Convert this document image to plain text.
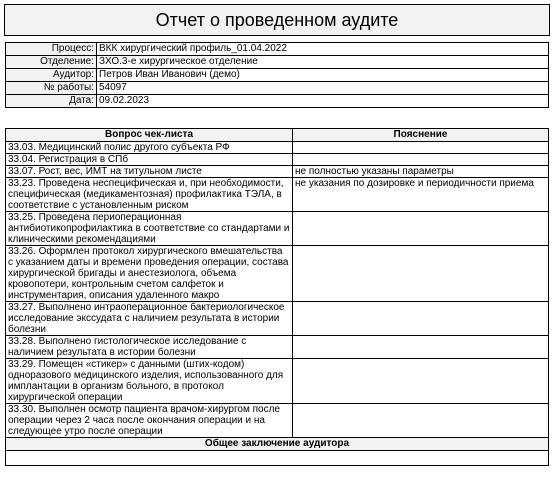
Отчет о проведенном аудите
Процесс:	ВКК хирургический профиль_01.04.2022
Отделение:	ЗХО.3-е хирургическое отделение
Аудитор:	Петров Иван Иванович (демо)
№ работы:	54097
Дата:	09.02.2023
Вопрос чек-листа	Пояснение
33.03. Медицинский полис другого субъекта РФ	
33.04. Регистрация в СПб	
33.07. Рост, вес, ИМТ на титульном листе	не полностью указаны параметры
33.23. Проведена неспецифическая и, при необходимости, специфическая (медикаментозная) профилактика ТЭЛА, в соответствие с установленным риском	не указания по дозировке и периодичности приема
33.25. Проведена периоперационная антибиотикопрофилактика в соответствие со стандартами и клиническими рекомендациями	
33.26. Оформлен протокол хирургического вмешательства с указанием даты и времени проведения операции, состава хирургической бригады и анестезиолога, объема кровопотери, контрольным счетом салфеток и инструментария, описания удаленного макро	
33.27. Выполнено интраоперационное бактериологическое исследование экссудата с наличием результата в истории болезни	
33.28. Выполнено гистологическое исследование с наличием результата в истории болезни	
33.29. Помещен «стикер» с данными (штих-кодом) одноразового медицинского изделия, использованного для имплантации в организм больного, в протокол хирургической операции	
33.30. Выполнен осмотр пациента врачом-хирургом после операции через 2 часа после окончания операции и на следующее утро после операции	
Общее заключение аудитора	
